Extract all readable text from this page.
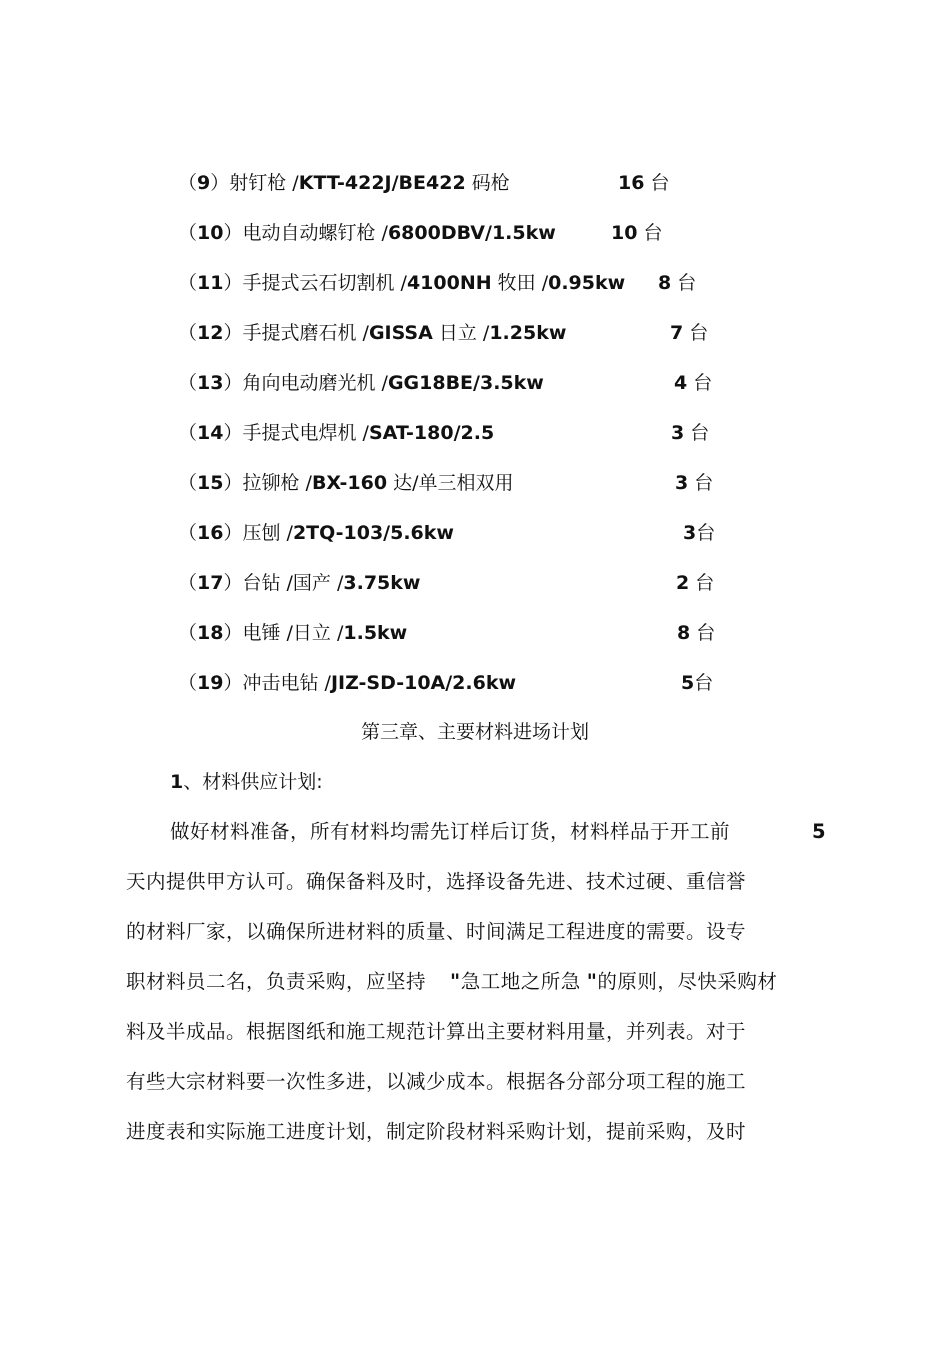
（9）射钉枪 /KTT-422J/BE422 码枪	16 台
（10）电动自动螺钉枪 /6800DBV/1.5kw	10 台
（11）手提式云石切割机 /4100NH 牧田 /0.95kw 8 台
（12）手提式磨石机 /GISSA 日立 /1.25kw	7 台
（13）角向电动磨光机 /GG18BE/3.5kw	4 台
（14）手提式电焊机 /SAT-180/2.5	3 台
（15）拉铆枪 /BX-160 达/单三相双用	3 台
（16）压刨 /2TQ-103/5.6kw	3台
（17）台钻 /国产 /3.75kw	2 台
（18）电锤 /日立 /1.5kw	8 台
（19）冲击电钻 /JIZ-SD-10A/2.6kw	5台
第三章、主要材料进场计划
1、材料供应计划:
做好材料准备，所有材料均需先订样后订货，材料样品于开工前	5
天内提供甲方认可。确保备料及时，选择设备先进、技术过硬、重信誉
的材料厂家，以确保所进材料的质量、时间满足工程进度的需要。设专
职材料员二名，负责采购，应坚持 "急工地之所急 "的原则，尽快采购材
料及半成品。根据图纸和施工规范计算出主要材料用量，并列表。对于
有些大宗材料要一次性多进，以减少成本。根据各分部分项工程的施工
进度表和实际施工进度计划，制定阶段材料采购计划，提前采购，及时
